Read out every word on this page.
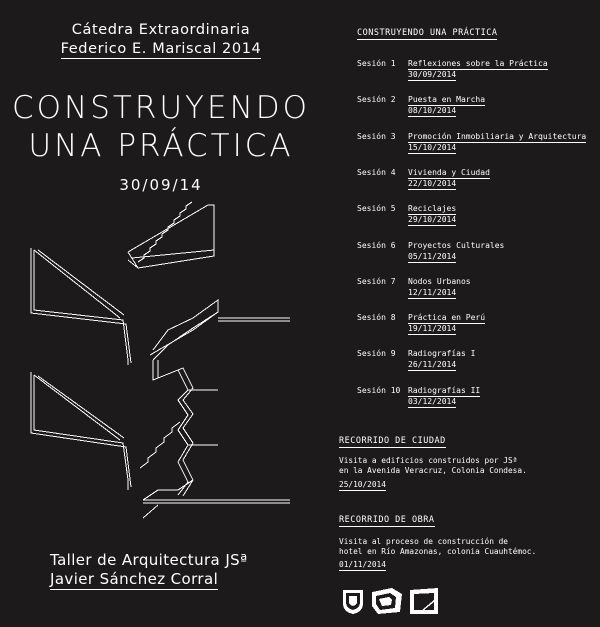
Cátedra Extraordinaria
Federico E. Mariscal 2014
CONSTRUYENDO
UNA PRÁCTICA
30/09/14
Taller de Arquitectura JSª
Javier Sánchez Corral
CONSTRUYENDO UNA PRÁCTICA
Sesión 1	Reflexiones sobre la Práctica
30/09/2014
Sesión 2	Puesta en Marcha
08/10/2014
Sesión 3	Promoción Inmobiliaria y Arquitectura
15/10/2014
Sesión 4	Vivienda y Ciudad
22/10/2014
Sesión 5	Reciclajes
29/10/2014
Sesión 6	Proyectos Culturales
05/11/2014
Sesión 7	Nodos Urbanos
12/11/2014
Sesión 8	Práctica en Perú
19/11/2014
Sesión 9	Radiografías I
26/11/2014
Sesión 10 Radiografías II
03/12/2014
RECORRIDO DE CIUDAD
Visita a edificios construidos por JSª
en la Avenida Veracruz, Colonia Condesa.
25/10/2014
RECORRIDO DE OBRA
Visita al proceso de construcción de
hotel en Río Amazonas, colonia Cuauhtémoc.
01/11/2014
